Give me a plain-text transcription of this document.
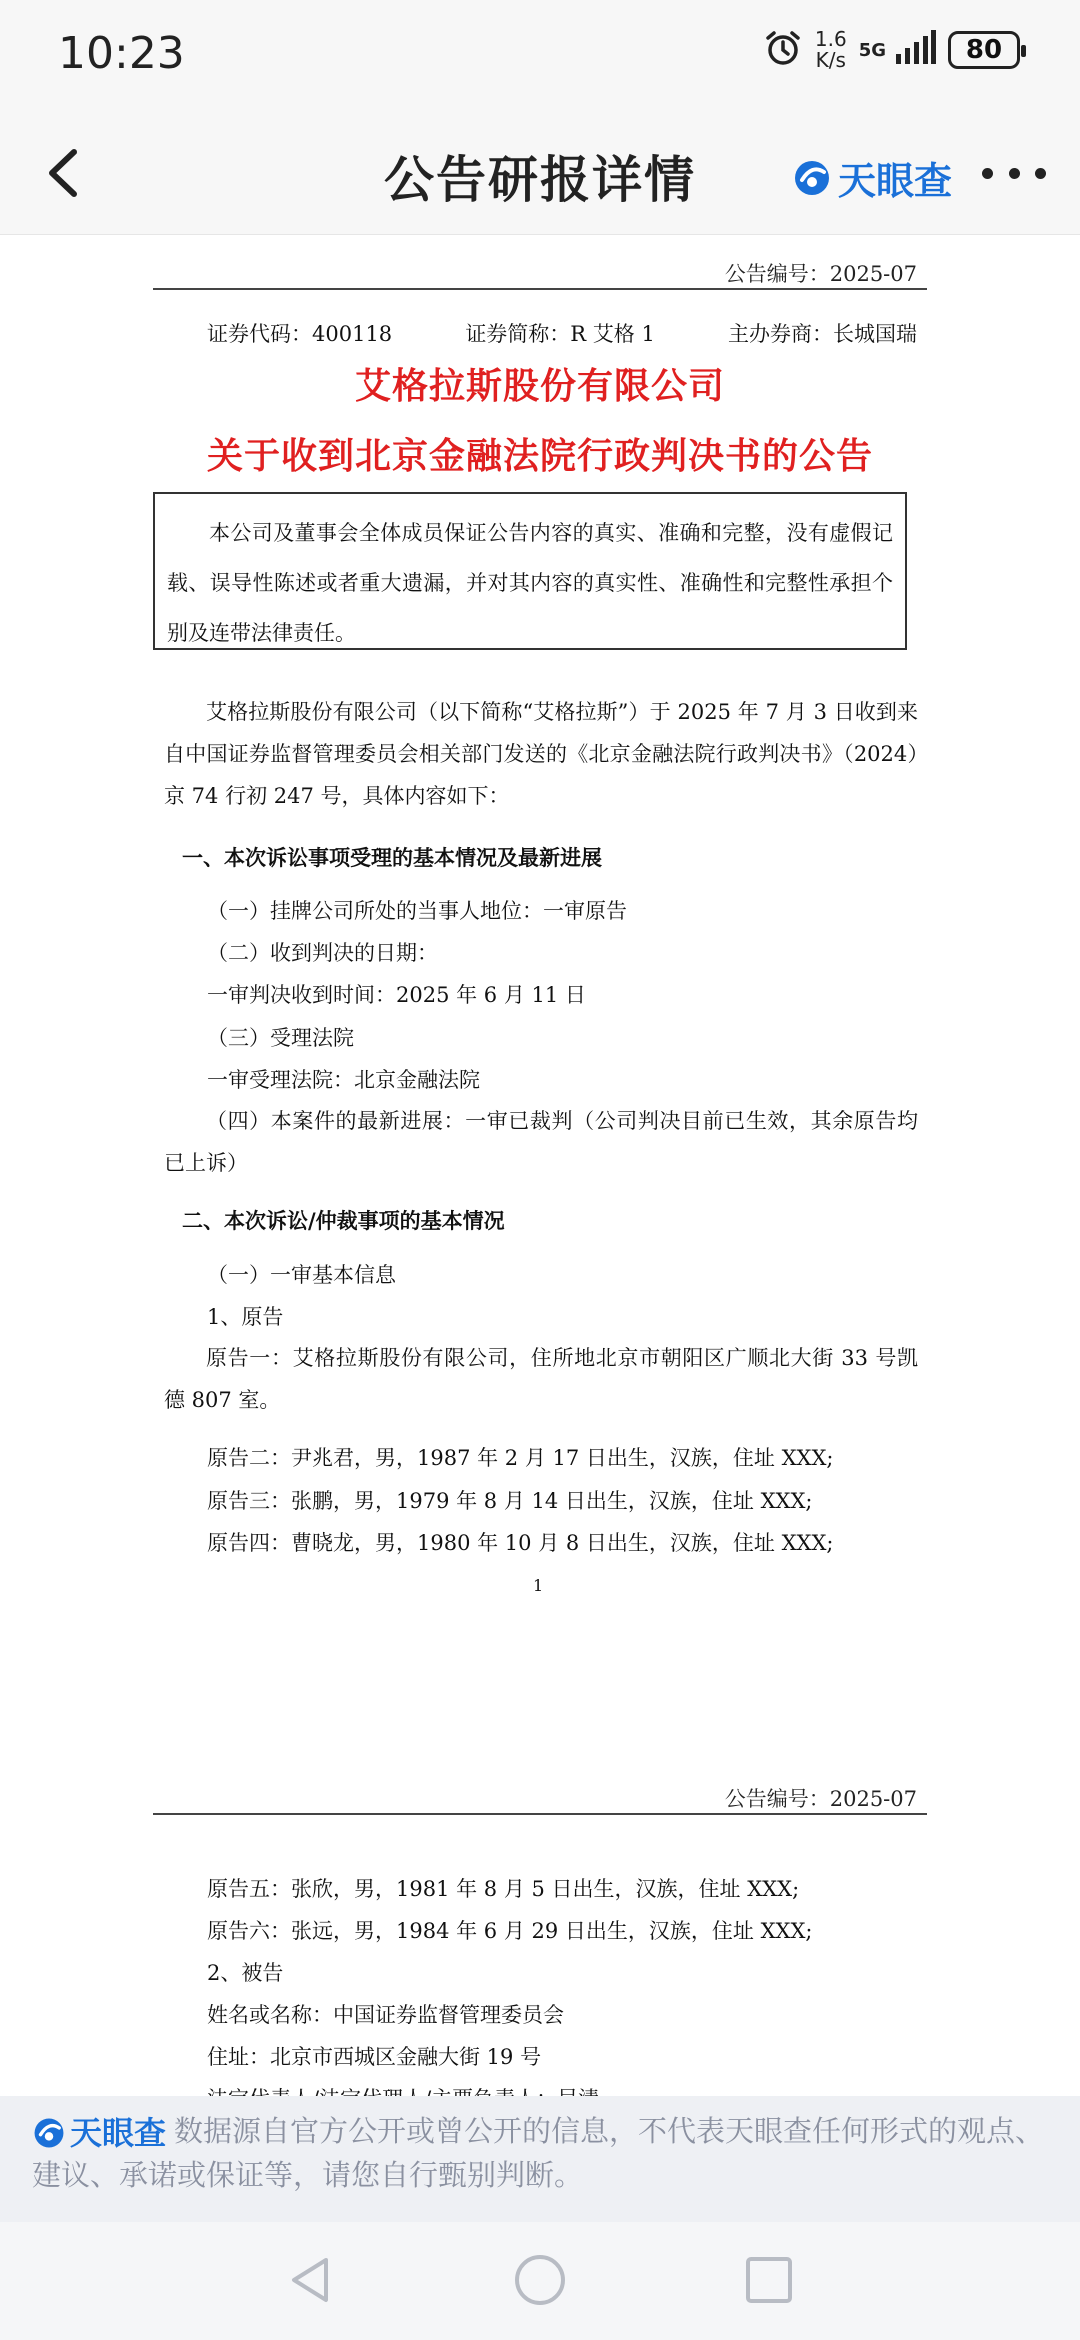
10:23	1.6
K/s 5G	80
公告研报详情	天眼查
公告编号：2025-07
证券代码：400118	证券简称：R 艾格 1	主办券商：长城国瑞
艾格拉斯股份有限公司
关于收到北京金融法院行政判决书的公告
本公司及董事会全体成员保证公告内容的真实、准确和完整，没有虚假记载、误导性陈述或者重大遗漏，并对其内容的真实性、准确性和完整性承担个别及连带法律责任。
艾格拉斯股份有限公司（以下简称“艾格拉斯”）于 2025 年 7 月 3 日收到来自中国证券监督管理委员会相关部门发送的《北京金融法院行政判决书》（2024）京 74 行初 247 号，具体内容如下：
一、本次诉讼事项受理的基本情况及最新进展
（一）挂牌公司所处的当事人地位：一审原告
（二）收到判决的日期：
一审判决收到时间：2025 年 6 月 11 日
（三）受理法院
一审受理法院：北京金融法院
（四）本案件的最新进展：一审已裁判（公司判决目前已生效，其余原告均已上诉）
二、本次诉讼/仲裁事项的基本情况
（一）一审基本信息
1、原告
原告一：艾格拉斯股份有限公司，住所地北京市朝阳区广顺北大街 33 号凯德 807 室。
原告二：尹兆君，男，1987 年 2 月 17 日出生，汉族，住址 XXX;
原告三：张鹏，男，1979 年 8 月 14 日出生，汉族，住址 XXX;
原告四：曹晓龙，男，1980 年 10 月 8 日出生，汉族，住址 XXX;
1
公告编号：2025-07
原告五：张欣，男，1981 年 8 月 5 日出生，汉族，住址 XXX;
原告六：张远，男，1984 年 6 月 29 日出生，汉族，住址 XXX;
2、被告
姓名或名称：中国证券监督管理委员会
住址：北京市西城区金融大街 19 号
天眼查 数据源自官方公开或曾公开的信息，不代表天眼查任何形式的观点、建议、承诺或保证等，请您自行甄别判断。
